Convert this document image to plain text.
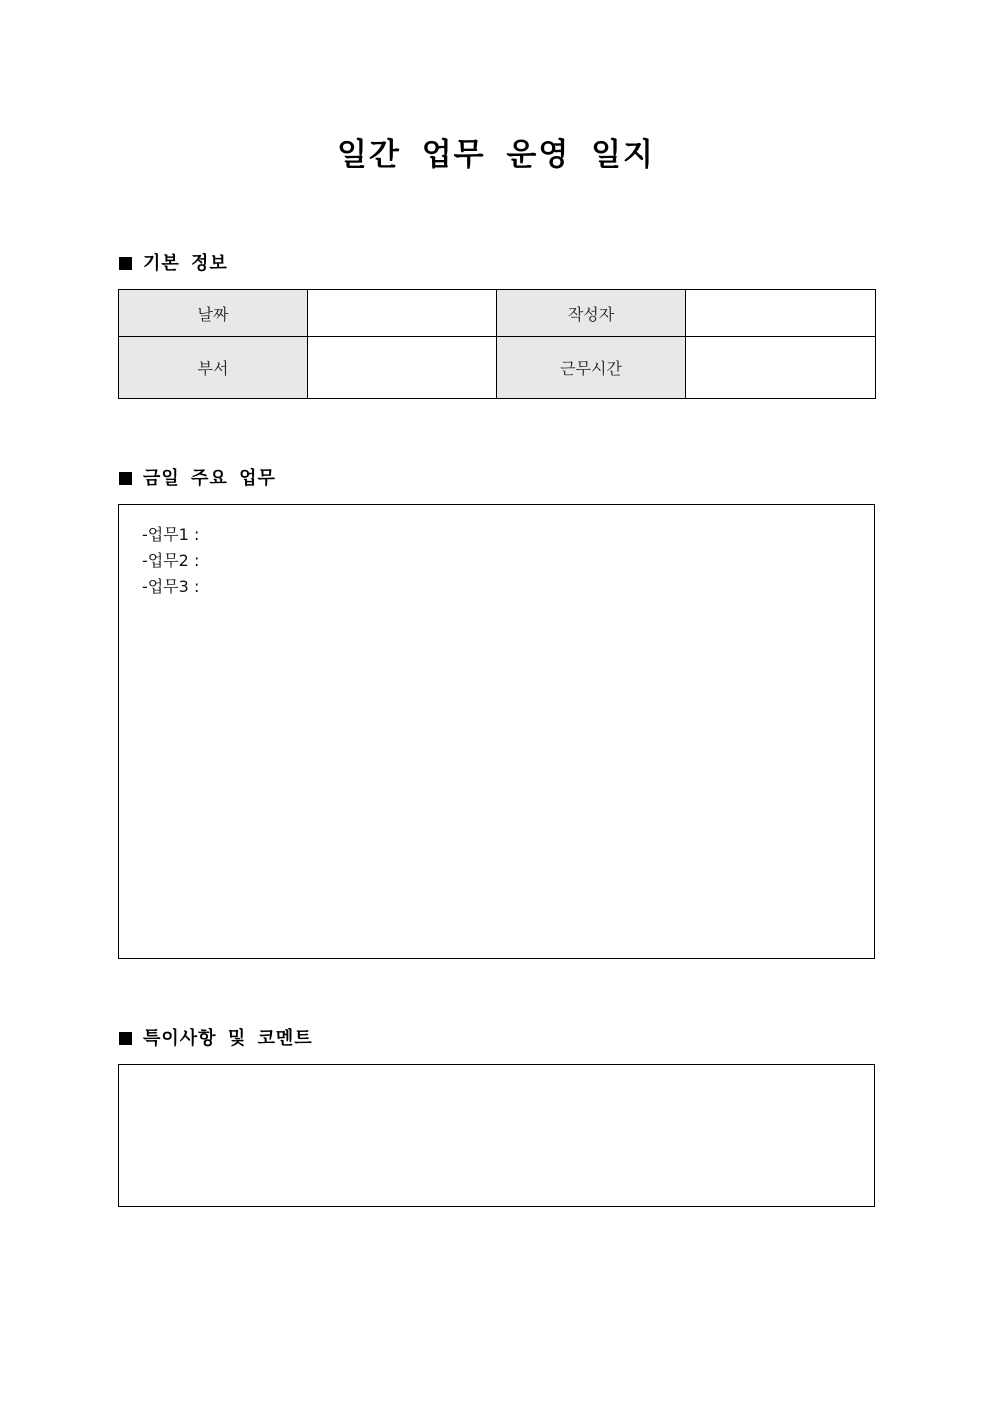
일간 업무 운영 일지
기본 정보
날짜		작성자	
부서		근무시간	
금일 주요 업무
-업무1 :
-업무2 :
-업무3 :
특이사항 및 코멘트
